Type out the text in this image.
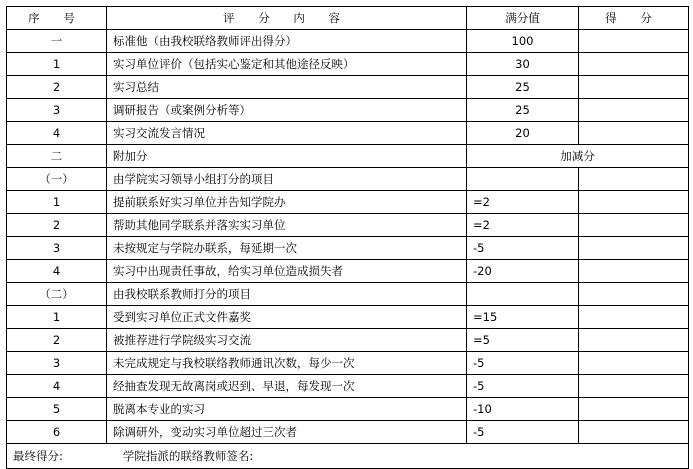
序 号	评 分 内 容	满分值	得 分
一	标准他（由我校联络教师评出得分）	100	
1	实习单位评价（包括实心鉴定和其他途径反映）	30	
2	实习总结	25	
3	调研报告（或案例分析等）	25	
4	实习交流发言情况	20	
二	附加分	加减分	
（一）	由学院实习领导小组打分的项目		
1	提前联系好实习单位并告知学院办	=2	
2	帮助其他同学联系并落实实习单位	=2	
3	未按规定与学院办联系，每延期一次	-5	
4	实习中出现责任事故，给实习单位造成损失者	-20	
（二）	由我校联系教师打分的项目		
1	受到实习单位正式文件嘉奖	=15	
2	被推荐进行学院级实习交流	=5	
3	未完成规定与我校联络教师通讯次数，每少一次	-5	
4	经抽查发现无故离岗或迟到、早退，每发现一次	-5	
5	脱离本专业的实习	-10	
6	除调研外，变动实习单位超过三次者	-5	
最终得分: 学院指派的联络教师签名:			
